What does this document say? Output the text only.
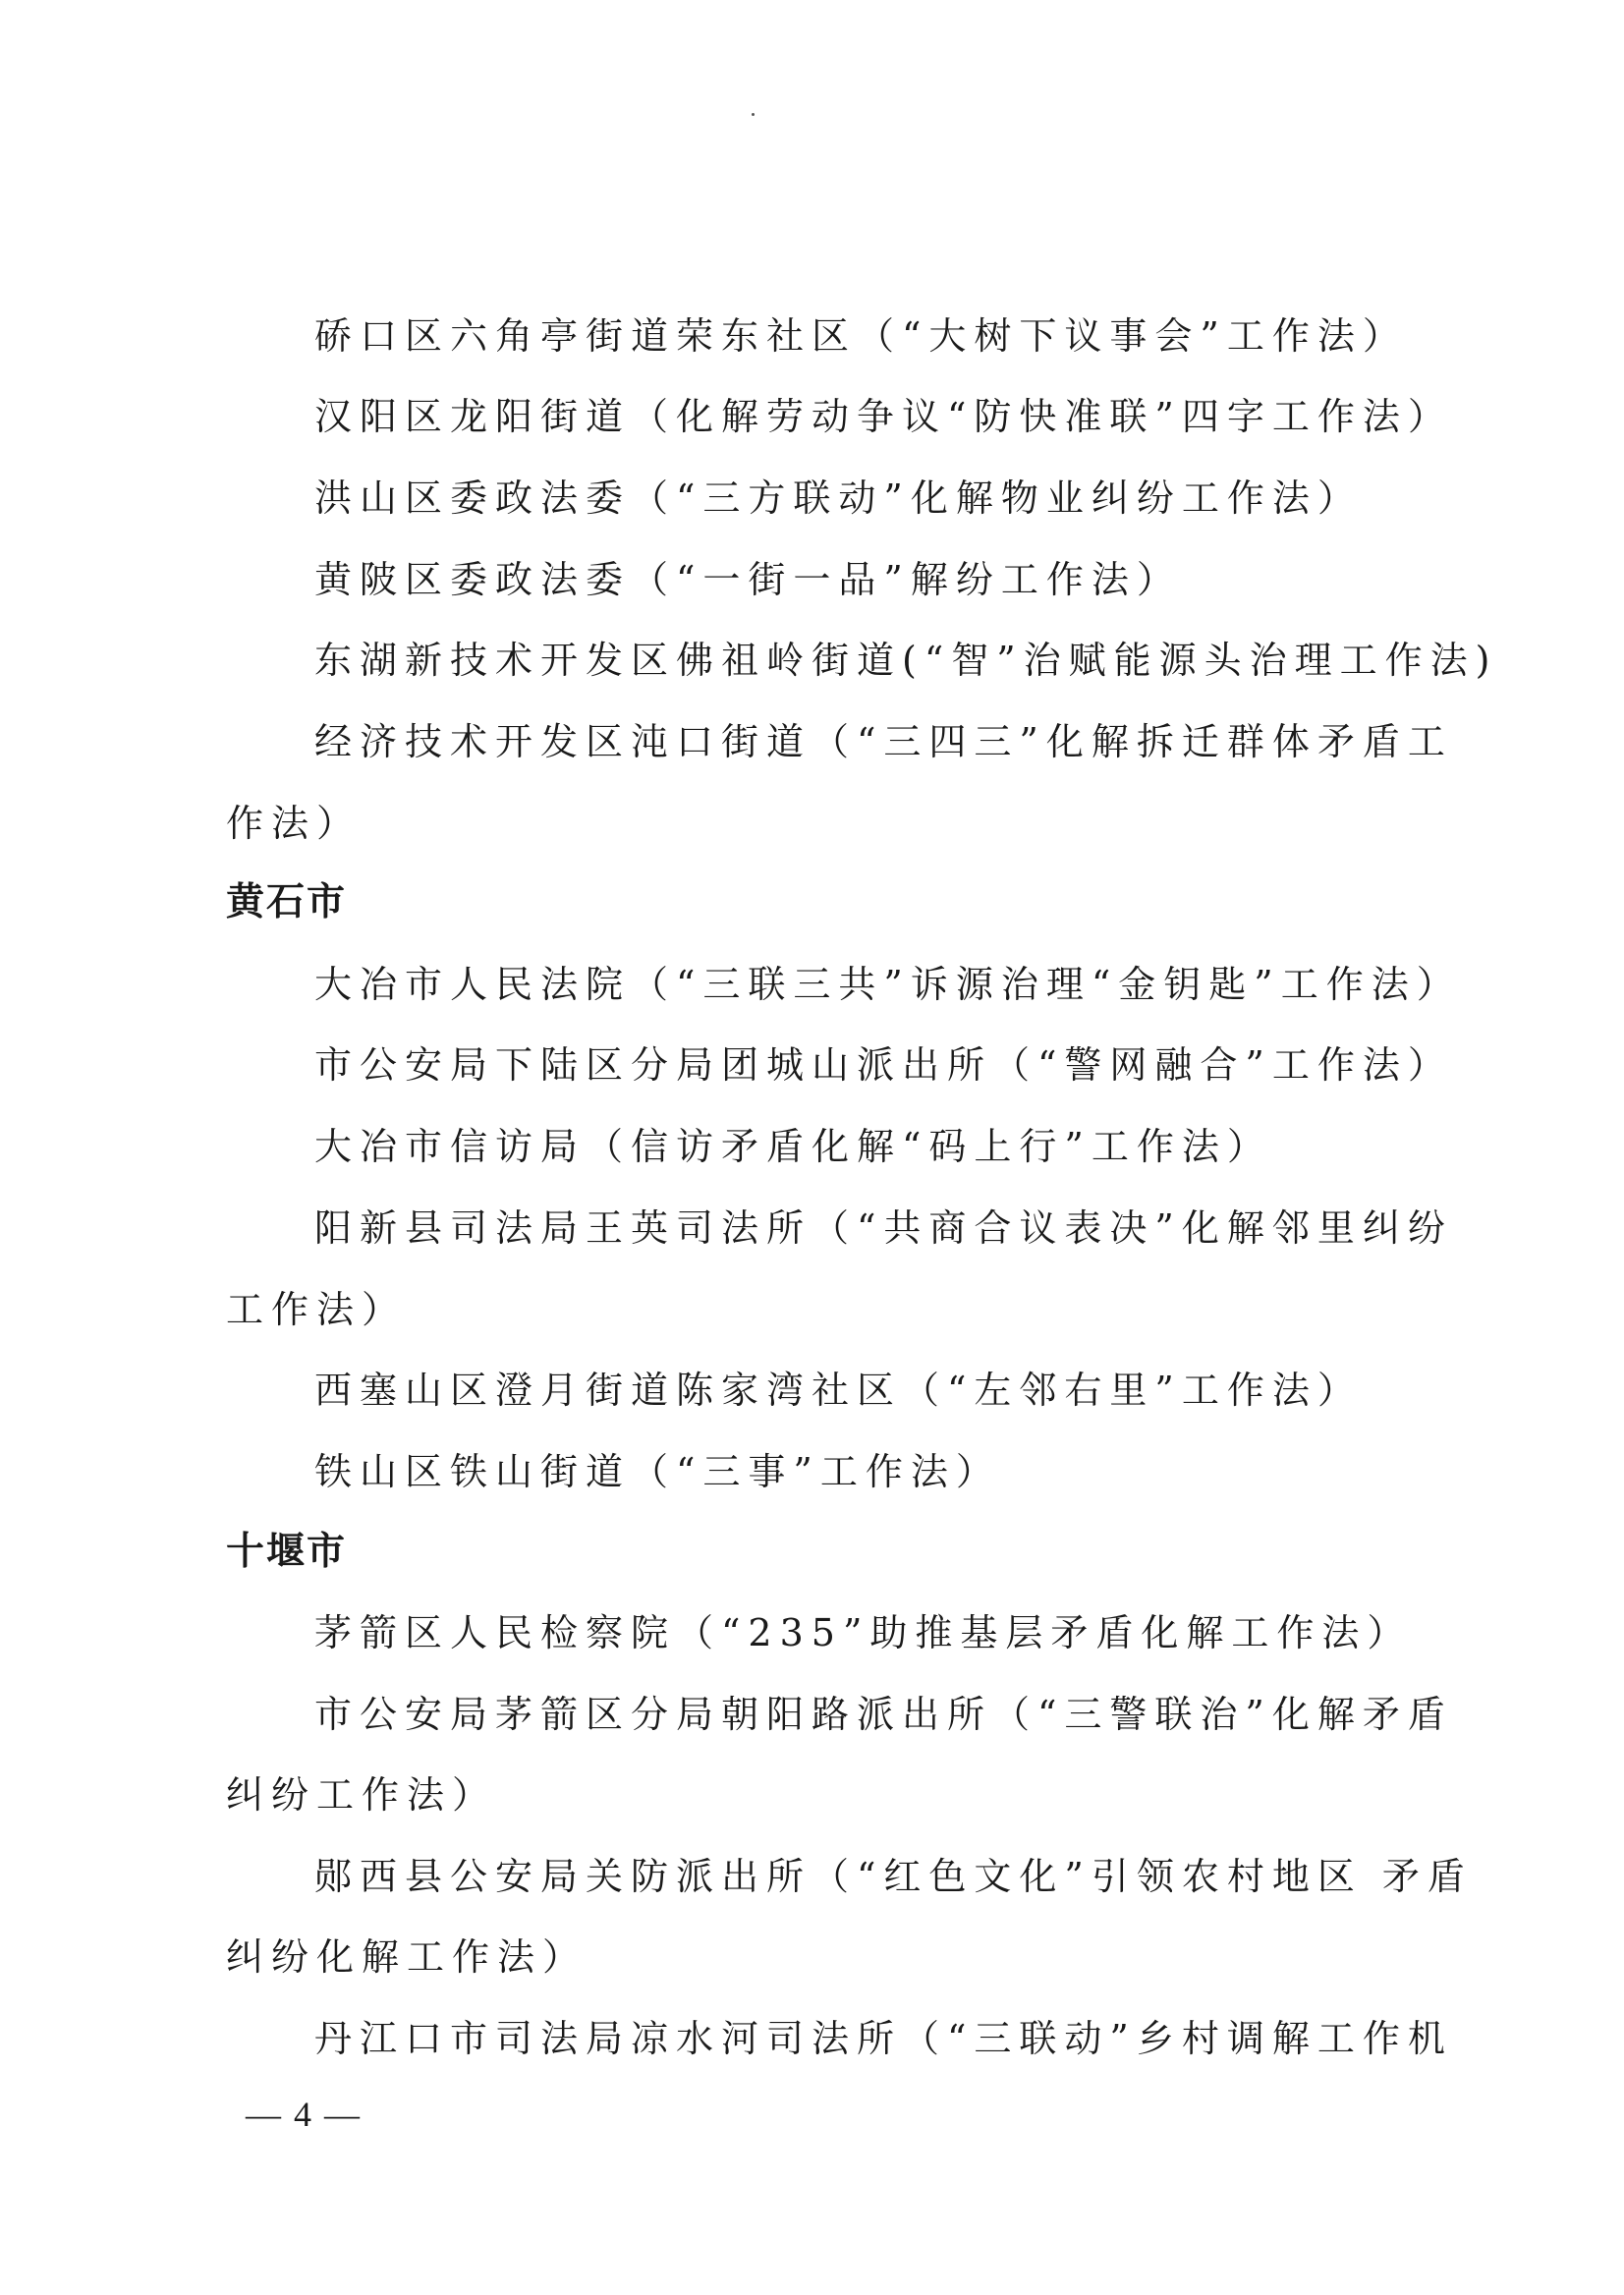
硚口区六角亭街道荣东社区（“大树下议事会”工作法）
汉阳区龙阳街道（化解劳动争议“防快准联”四字工作法）
洪山区委政法委（“三方联动”化解物业纠纷工作法）
黄陂区委政法委（“一街一品”解纷工作法）
东湖新技术开发区佛祖岭街道(“智”治赋能源头治理工作法)
经济技术开发区沌口街道（“三四三”化解拆迁群体矛盾工
作法）
黄石市
大冶市人民法院（“三联三共”诉源治理“金钥匙”工作法）
市公安局下陆区分局团城山派出所（“警网融合”工作法）
大冶市信访局（信访矛盾化解“码上行”工作法）
阳新县司法局王英司法所（“共商合议表决”化解邻里纠纷
工作法）
西塞山区澄月街道陈家湾社区（“左邻右里”工作法）
铁山区铁山街道（“三事”工作法）
十堰市
茅箭区人民检察院（“235”助推基层矛盾化解工作法）
市公安局茅箭区分局朝阳路派出所（“三警联治”化解矛盾
纠纷工作法）
郧西县公安局关防派出所（“红色文化”引领农村地区 矛盾
纠纷化解工作法）
丹江口市司法局凉水河司法所（“三联动”乡村调解工作机
— 4 —
